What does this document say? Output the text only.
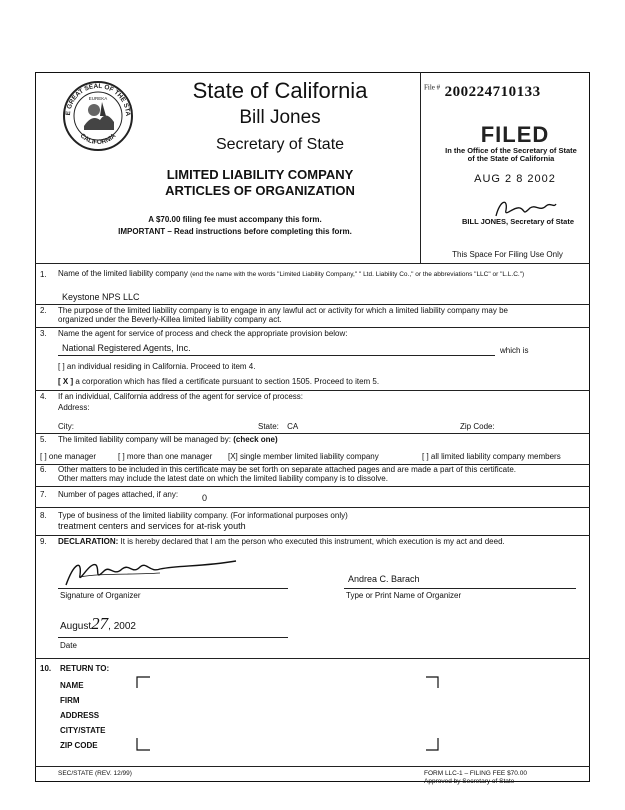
E GREAT SEAL OF THE STA
CALIFORNIA
EUREKA	State of California
Bill Jones
Secretary of State
LIMITED LIABILITY COMPANY
ARTICLES OF ORGANIZATION
A $70.00 filing fee must accompany this form.
IMPORTANT – Read instructions before completing this form.
$^{File \#}$ 200224710133
FILED
In the Office of the Secretary of State
of the State of California
AUG 2 8 2002
BILL JONES, Secretary of State
This Space For Filing Use Only
1. Name of the limited liability company (end the name with the words "Limited Liability Company," " Ltd. Liability Co.," or the abbreviations "LLC" or "L.L.C.")
Keystone NPS LLC
2. The purpose of the limited liability company is to engage in any lawful act or activity for which a limited liability company may be
organized under the Beverly-Killea limited liability company act.
3. Name the agent for service of process and check the appropriate provision below:
National Registered Agents, Inc.	which is
[ ] an individual residing in California. Proceed to item 4.
[ X ] a corporation which has filed a certificate pursuant to section 1505. Proceed to item 5.
4. If an individual, California address of the agent for service of process:
Address:
City:	State: CA	Zip Code:
5. The limited liability company will be managed by: (check one)
[ ] one manager	[ ] more than one manager [X] single member limited liability company	[ ] all limited liability company members
6. Other matters to be included in this certificate may be set forth on separate attached pages and are made a part of this certificate.
Other matters may include the latest date on which the limited liability company is to dissolve.
7. Number of pages attached, if any:	0
8. Type of business of the limited liability company. (For informational purposes only)
treatment centers and services for at-risk youth
9. DECLARATION: It is hereby declared that I am the person who executed this instrument, which execution is my act and deed.
Signature of Organizer
Andrea C. Barach
Type or Print Name of Organizer
August27, 2002
Date
10. RETURN TO:
NAME
FIRM
ADDRESS
CITY/STATE
ZIP CODE
SEC/STATE (REV. 12/99)	FORM LLC-1 – FILING FEE $70.00
Approved by Secretary of State
